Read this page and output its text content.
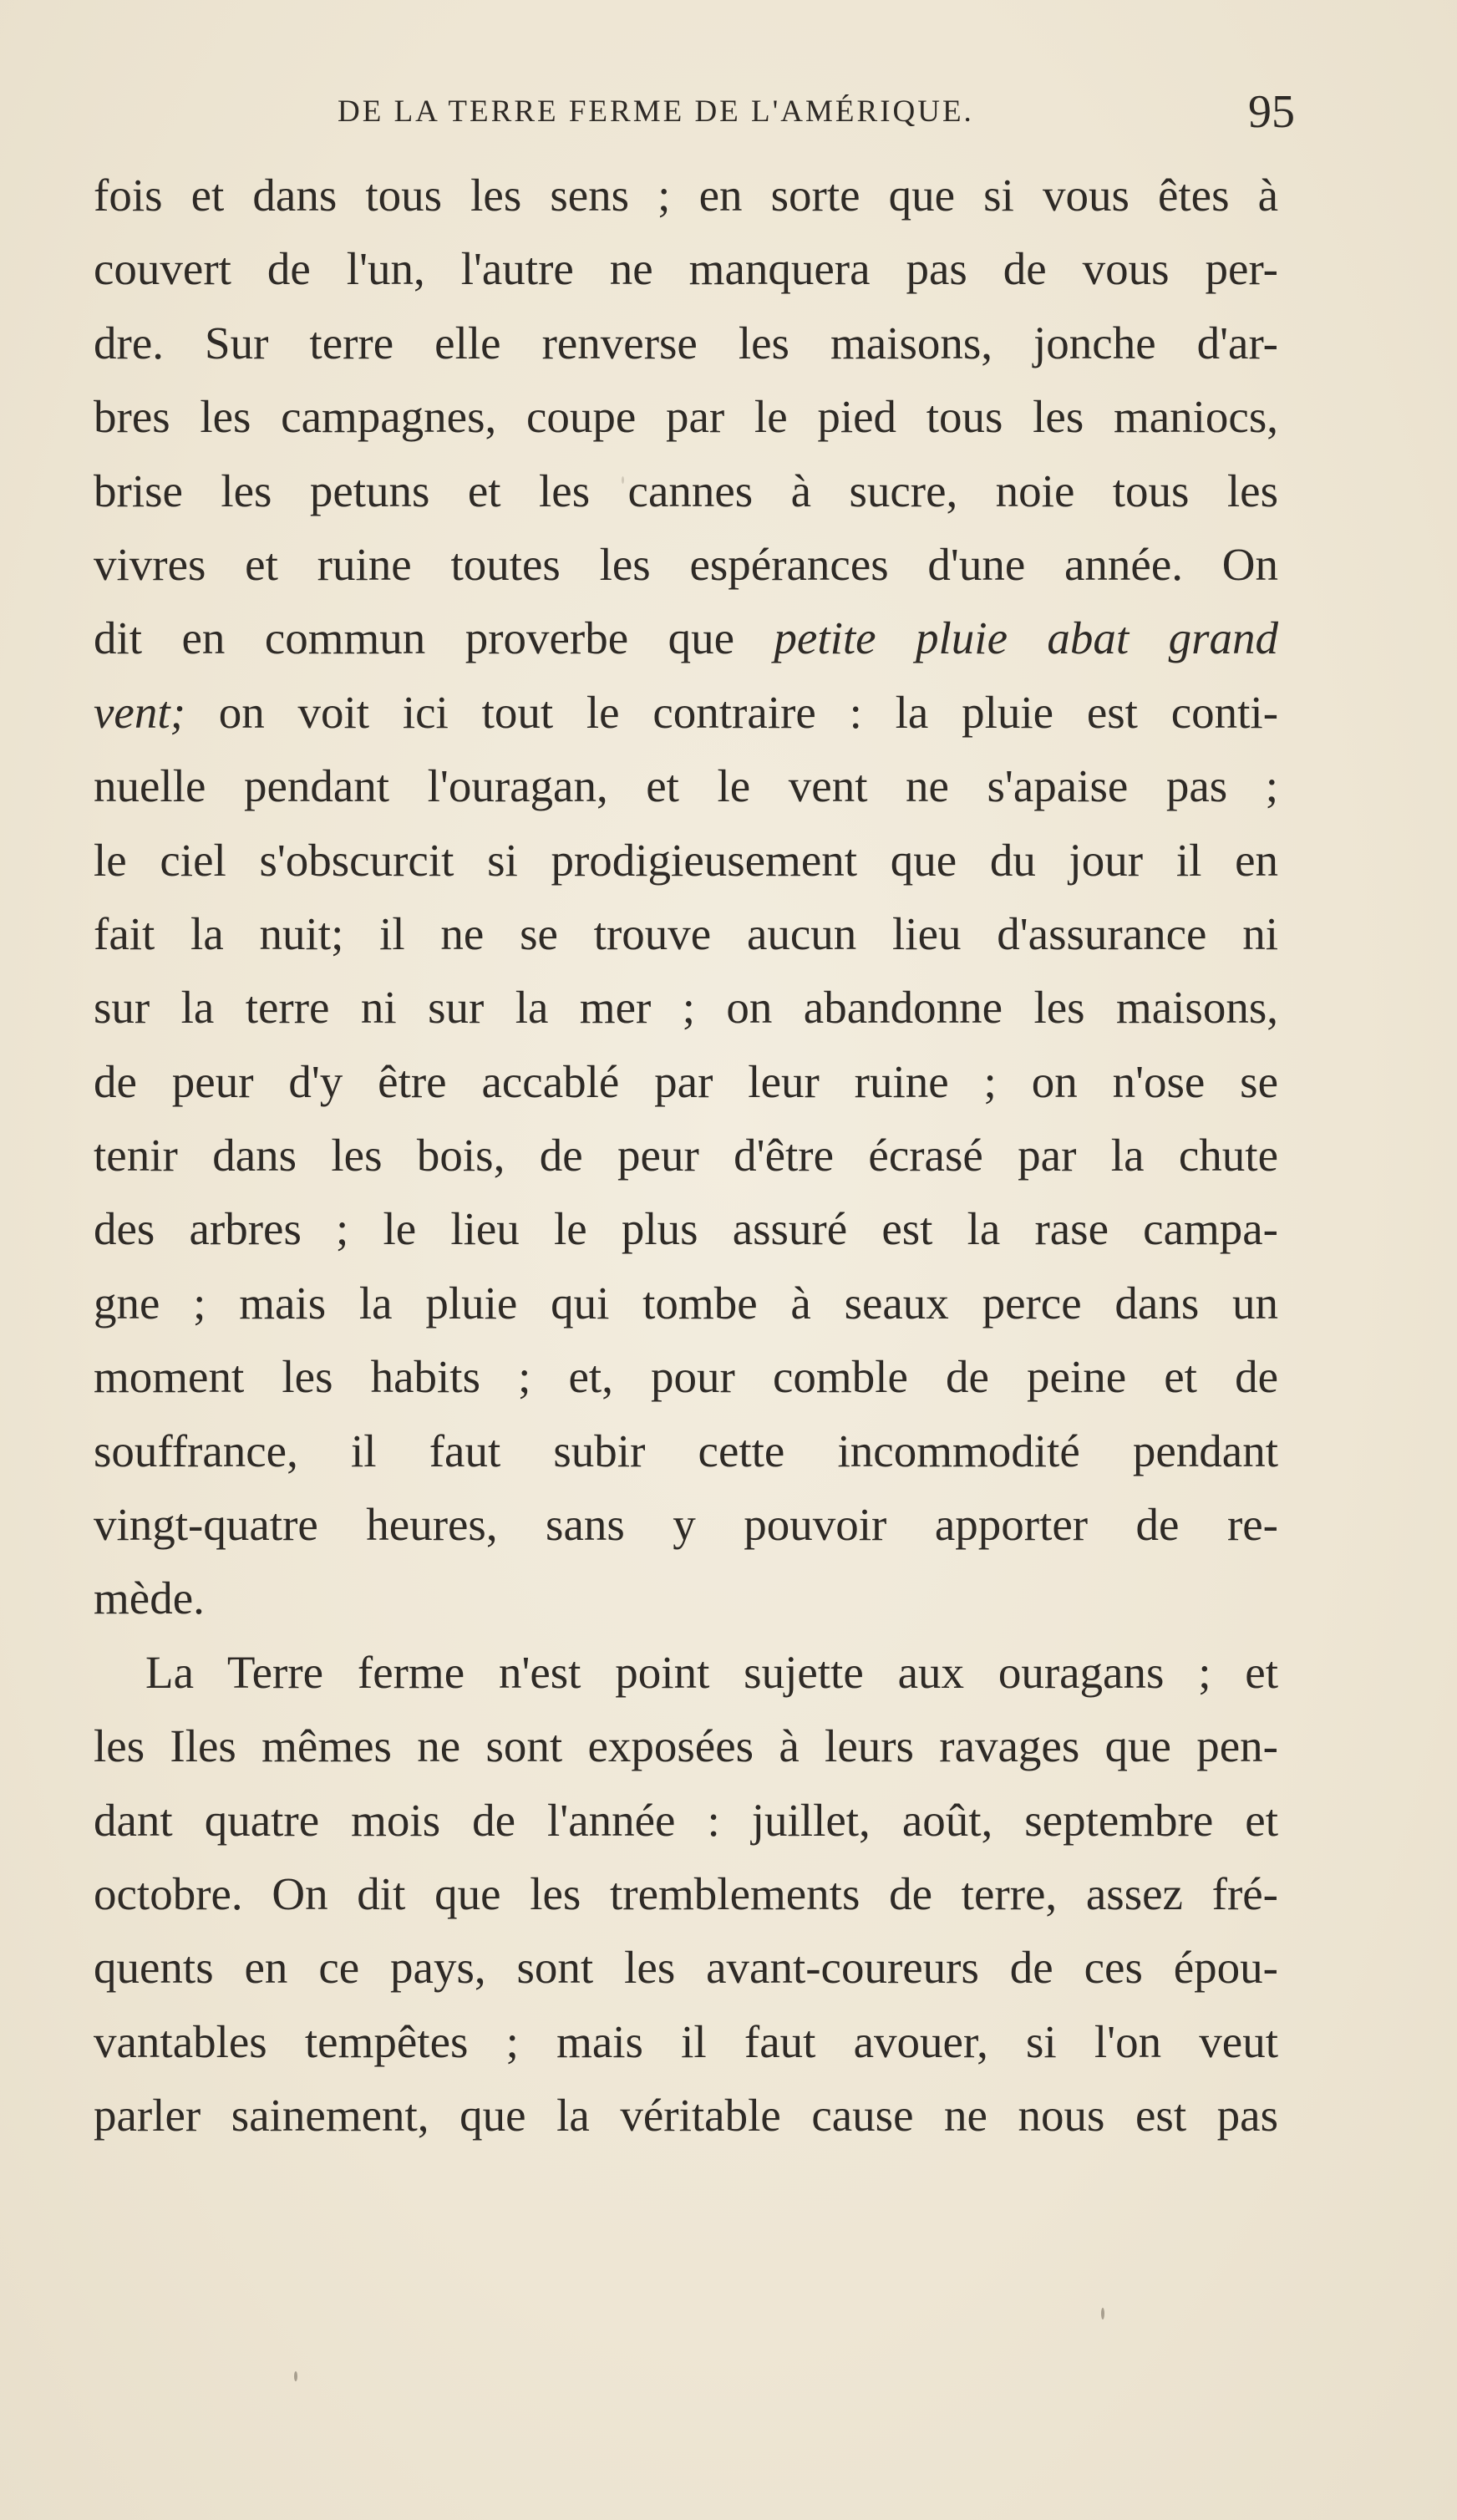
DE LA TERRE FERME DE L'AMÉRIQUE.	95
fois et dans tous les sens ; en sorte que si vous êtes à
couvert de l'un, l'autre ne manquera pas de vous per-
dre. Sur terre elle renverse les maisons, jonche d'ar-
bres les campagnes, coupe par le pied tous les maniocs,
brise les petuns et les cannes à sucre, noie tous les
vivres et ruine toutes les espérances d'une année. On
dit en commun proverbe que petite pluie abat grand
vent; on voit ici tout le contraire : la pluie est conti-
nuelle pendant l'ouragan, et le vent ne s'apaise pas ;
le ciel s'obscurcit si prodigieusement que du jour il en
fait la nuit; il ne se trouve aucun lieu d'assurance ni
sur la terre ni sur la mer ; on abandonne les maisons,
de peur d'y être accablé par leur ruine ; on n'ose se
tenir dans les bois, de peur d'être écrasé par la chute
des arbres ; le lieu le plus assuré est la rase campa-
gne ; mais la pluie qui tombe à seaux perce dans un
moment les habits ; et, pour comble de peine et de
souffrance, il faut subir cette incommodité pendant
vingt-quatre heures, sans y pouvoir apporter de re-
mède.
La Terre ferme n'est point sujette aux ouragans ; et
les Iles mêmes ne sont exposées à leurs ravages que pen-
dant quatre mois de l'année : juillet, août, septembre et
octobre. On dit que les tremblements de terre, assez fré-
quents en ce pays, sont les avant-coureurs de ces épou-
vantables tempêtes ; mais il faut avouer, si l'on veut
parler sainement, que la véritable cause ne nous est pas
